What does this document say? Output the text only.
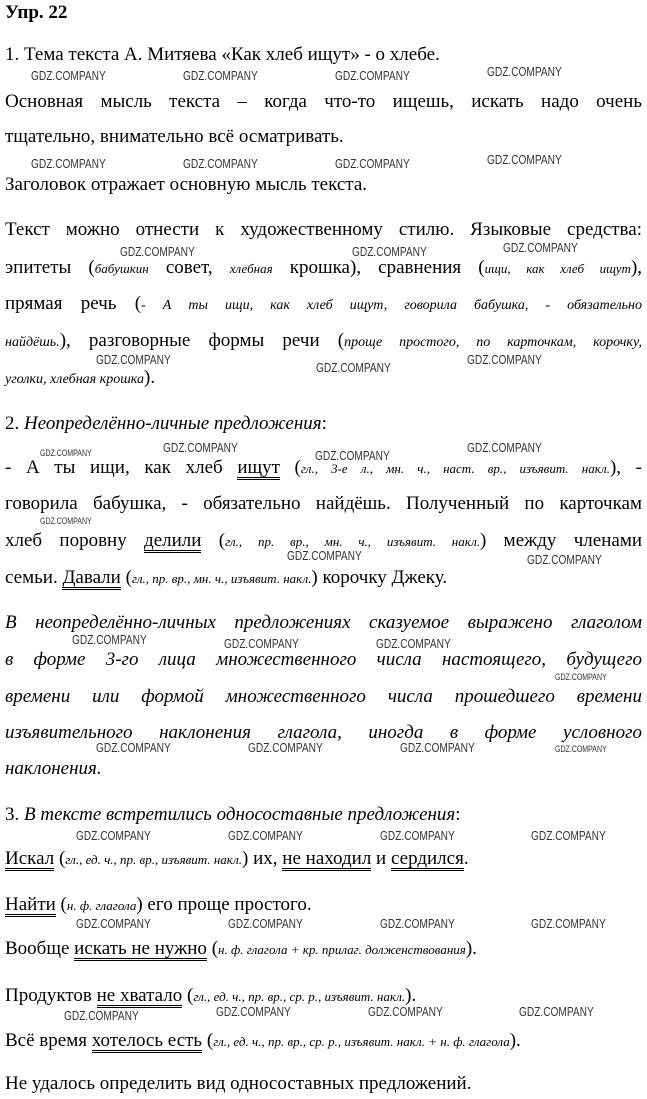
Упр. 22
1. Тема текста А. Митяева «Как хлеб ищут» - о хлебе.
Основная мысль текста – когда что-то ищешь, искать надо очень
тщательно, внимательно всё осматривать.
Заголовок отражает основную мысль текста.
Текст можно отнести к художественному стилю. Языковые средства:
эпитеты (бабушкин совет, хлебная крошка), сравнения (ищи, как хлеб ищут),
прямая речь (- А ты ищи, как хлеб ищут, говорила бабушка, - обязательно
найдёшь.), разговорные формы речи (проще простого, по карточкам, корочку,
уголки, хлебная крошка).
2. Неопределённо-личные предложения:
- А ты ищи, как хлеб ищут (гл., 3-е л., мн. ч., наст. вр., изъявит. накл.), -
говорила бабушка, - обязательно найдёшь. Полученный по карточкам
хлеб поровну делили (гл., пр. вр., мн. ч., изъявит. накл.) между членами
семьи. Давали (гл., пр. вр., мн. ч., изъявит. накл.) корочку Джеку.
В неопределённо-личных предложениях сказуемое выражено глаголом
в форме 3-го лица множественного числа настоящего, будущего
времени или формой множественного числа прошедшего времени
изъявительного наклонения глагола, иногда в форме условного
наклонения.
3. В тексте встретились односоставные предложения:
Искал (гл., ед. ч., пр. вр., изъявит. накл.) их, не находил и сердился.
Найти (н. ф. глагола) его проще простого.
Вообще искать не нужно (н. ф. глагола + кр. прилаг. долженствования).
Продуктов не хватало (гл., ед. ч., пр. вр., ср. р., изъявит. накл.).
Всё время хотелось есть (гл., ед. ч., пр. вр., ср. р., изъявит. накл. + н. ф. глагола).
Не удалось определить вид односоставных предложений.
GDZ.COMPANY	GDZ.COMPANY	GDZ.COMPANY	GDZ.COMPANY
GDZ.COMPANY	GDZ.COMPANY	GDZ.COMPANY	GDZ.COMPANY
GDZ.COMPANY	GDZ.COMPANY	GDZ.COMPANY
GDZ.COMPANY
GDZ.COMPANY
GDZ.COMPANY
GDZ.COMPANY	GDZ.COMPANY
GDZ.COMPANY
GDZ.COMPANY
GDZ.COMPANY
GDZ.COMPANY	GDZ.COMPANY
GDZ.COMPANY	GDZ.COMPANY	GDZ.COMPANY
GDZ.COMPANY
GDZ.COMPANY	GDZ.COMPANY	GDZ.COMPANY	GDZ.COMPANY
GDZ.COMPANY	GDZ.COMPANY	GDZ.COMPANY	GDZ.COMPANY
GDZ.COMPANY	GDZ.COMPANY	GDZ.COMPANY	GDZ.COMPANY
GDZ.COMPANY	GDZ.COMPANY	GDZ.COMPANY	GDZ.COMPANY
